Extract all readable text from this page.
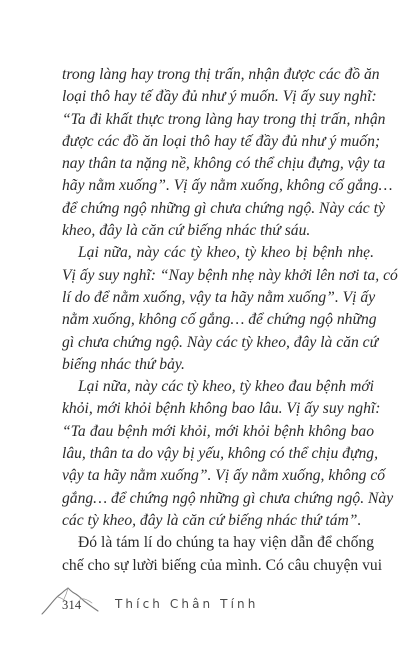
trong làng hay trong thị trấn, nhận được các đồ ăn
loại thô hay tế đầy đủ như ý muốn. Vị ấy suy nghĩ:
“Ta đi khất thực trong làng hay trong thị trấn, nhận
được các đồ ăn loại thô hay tế đầy đủ như ý muốn;
nay thân ta nặng nề, không có thể chịu đựng, vậy ta
hãy nằm xuống”. Vị ấy nằm xuống, không cố gắng…
để chứng ngộ những gì chưa chứng ngộ. Này các tỳ
kheo, đây là căn cứ biếng nhác thứ sáu.
Lại nữa, này các tỳ kheo, tỳ kheo bị bệnh nhẹ.
Vị ấy suy nghĩ: “Nay bệnh nhẹ này khởi lên nơi ta, có
lí do để nằm xuống, vậy ta hãy nằm xuống”. Vị ấy
nằm xuống, không cố gắng… để chứng ngộ những
gì chưa chứng ngộ. Này các tỳ kheo, đây là căn cứ
biếng nhác thứ bảy.
Lại nữa, này các tỳ kheo, tỳ kheo đau bệnh mới
khỏi, mới khỏi bệnh không bao lâu. Vị ấy suy nghĩ:
“Ta đau bệnh mới khỏi, mới khỏi bệnh không bao
lâu, thân ta do vậy bị yếu, không có thể chịu đựng,
vậy ta hãy nằm xuống”. Vị ấy nằm xuống, không cố
gắng… để chứng ngộ những gì chưa chứng ngộ. Này
các tỳ kheo, đây là căn cứ biếng nhác thứ tám”.
Đó là tám lí do chúng ta hay viện dẫn để chống
chế cho sự lười biếng của mình. Có câu chuyện vui
314	Thích Chân Tính
